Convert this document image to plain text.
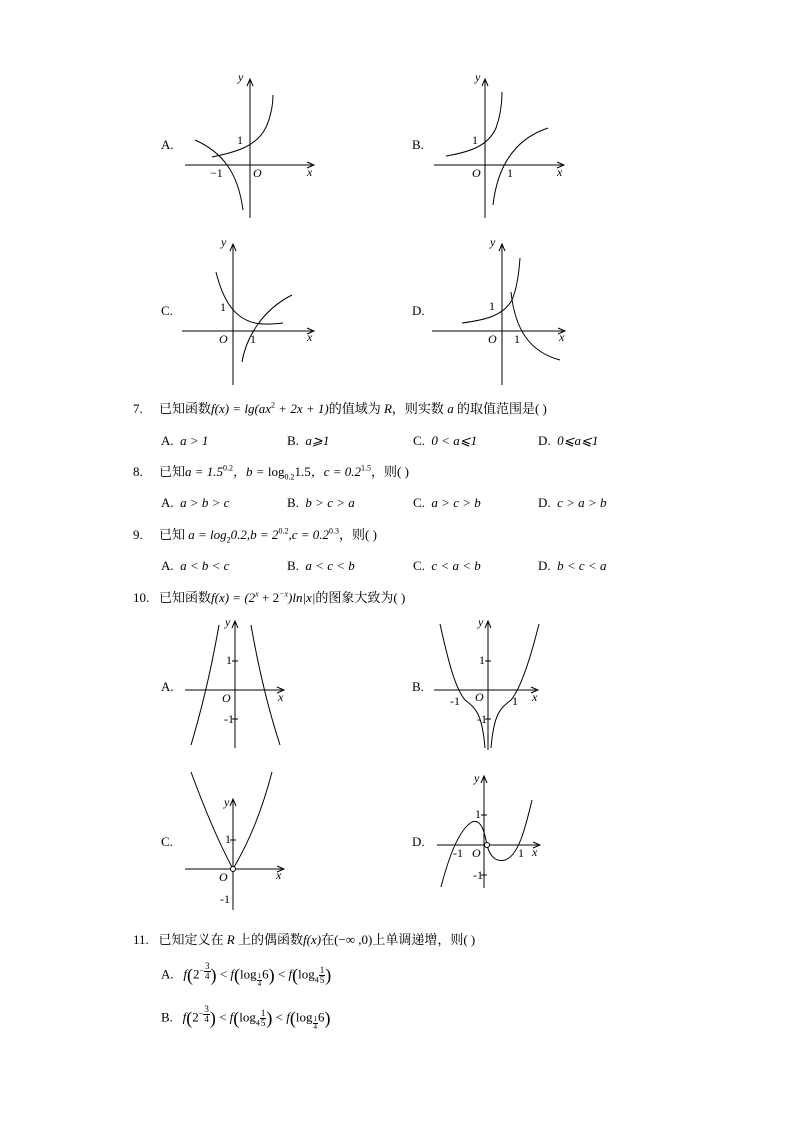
A.
y
x
O
1
−1
B.
y
x
O
1
1
C.
y
x
O
1
1
D.
y
x
O
1
1
7. 已知函数$f(x) = \lg(ax^2 + 2x + 1)$的值域为 R，则实数 a 的取值范围是( )
A. a > 1	B. a⩾1	C. 0 < a⩽1	D. 0⩽a⩽1
8. 已知$a = 1.5^{0.2}$，$b = \log_{0.2}1.5$，$c = 0.2^{1.5}$，则( )
A. a > b > c	B. b > c > a	C. a > c > b	D. c > a > b
9. 已知 $a = \log_20.2,b = 2^{0.2},c = 0.2^{0.3}$，则( )
A. a < b < c	B. a < c < b	C. c < a < b	D. b < c < a
10. 已知函数$f(x) = (2^x + 2^{-x})\ln|x|$的图象大致为( )
A.
y
x
O
1
-1
B.
y
x
O
1
-1
1
-1
C.
y
x
O
1
-1
D.
y
x
O
1
-1
1
-1
11. 已知定义在 R 上的偶函数f(x)在(−∞ ,0)上单调递增，则( )
A. $f(2^{- \frac{3}{4}}$ ) < f(log $_{\frac{1}{4}}$ $6) < f(\log_4 \frac{1}{5}$ )
B. $f(2^{- \frac{3}{4}}$ ) < $f(\log_4 \frac{1}{5}$ ) < f(log $_{\frac{1}{4}}$ 6)
